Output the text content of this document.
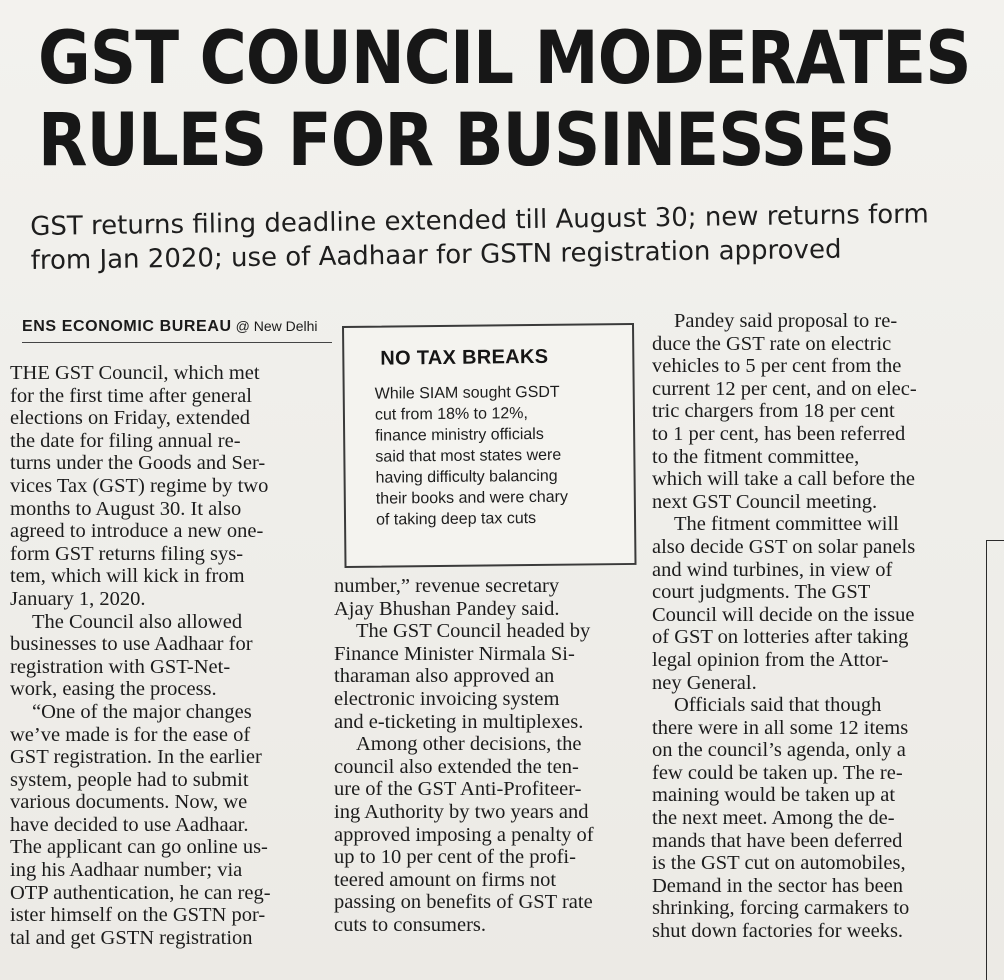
GST COUNCIL MODERATES
RULES FOR BUSINESSES
GST returns filing deadline extended till August 30; new returns form
from Jan 2020; use of Aadhaar for GSTN registration approved
ENS ECONOMIC BUREAU @ New Delhi
THE GST Council, which met
for the first time after general
elections on Friday, extended
the date for filing annual re-
turns under the Goods and Ser-
vices Tax (GST) regime by two
months to August 30. It also
agreed to introduce a new one-
form GST returns filing sys-
tem, which will kick in from
January 1, 2020.
The Council also allowed
businesses to use Aadhaar for
registration with GST-Net-
work, easing the process.
“One of the major changes
we’ve made is for the ease of
GST registration. In the earlier
system, people had to submit
various documents. Now, we
have decided to use Aadhaar.
The applicant can go online us-
ing his Aadhaar number; via
OTP authentication, he can reg-
ister himself on the GSTN por-
tal and get GSTN registration
NO TAX BREAKS
While SIAM sought GSDT
cut from 18% to 12%,
finance ministry officials
said that most states were
having difficulty balancing
their books and were chary
of taking deep tax cuts
number,” revenue secretary
Ajay Bhushan Pandey said.
The GST Council headed by
Finance Minister Nirmala Si-
tharaman also approved an
electronic invoicing system
and e-ticketing in multiplexes.
Among other decisions, the
council also extended the ten-
ure of the GST Anti-Profiteer-
ing Authority by two years and
approved imposing a penalty of
up to 10 per cent of the profi-
teered amount on firms not
passing on benefits of GST rate
cuts to consumers.
Pandey said proposal to re-
duce the GST rate on electric
vehicles to 5 per cent from the
current 12 per cent, and on elec-
tric chargers from 18 per cent
to 1 per cent, has been referred
to the fitment committee,
which will take a call before the
next GST Council meeting.
The fitment committee will
also decide GST on solar panels
and wind turbines, in view of
court judgments. The GST
Council will decide on the issue
of GST on lotteries after taking
legal opinion from the Attor-
ney General.
Officials said that though
there were in all some 12 items
on the council’s agenda, only a
few could be taken up. The re-
maining would be taken up at
the next meet. Among the de-
mands that have been deferred
is the GST cut on automobiles,
Demand in the sector has been
shrinking, forcing carmakers to
shut down factories for weeks.
